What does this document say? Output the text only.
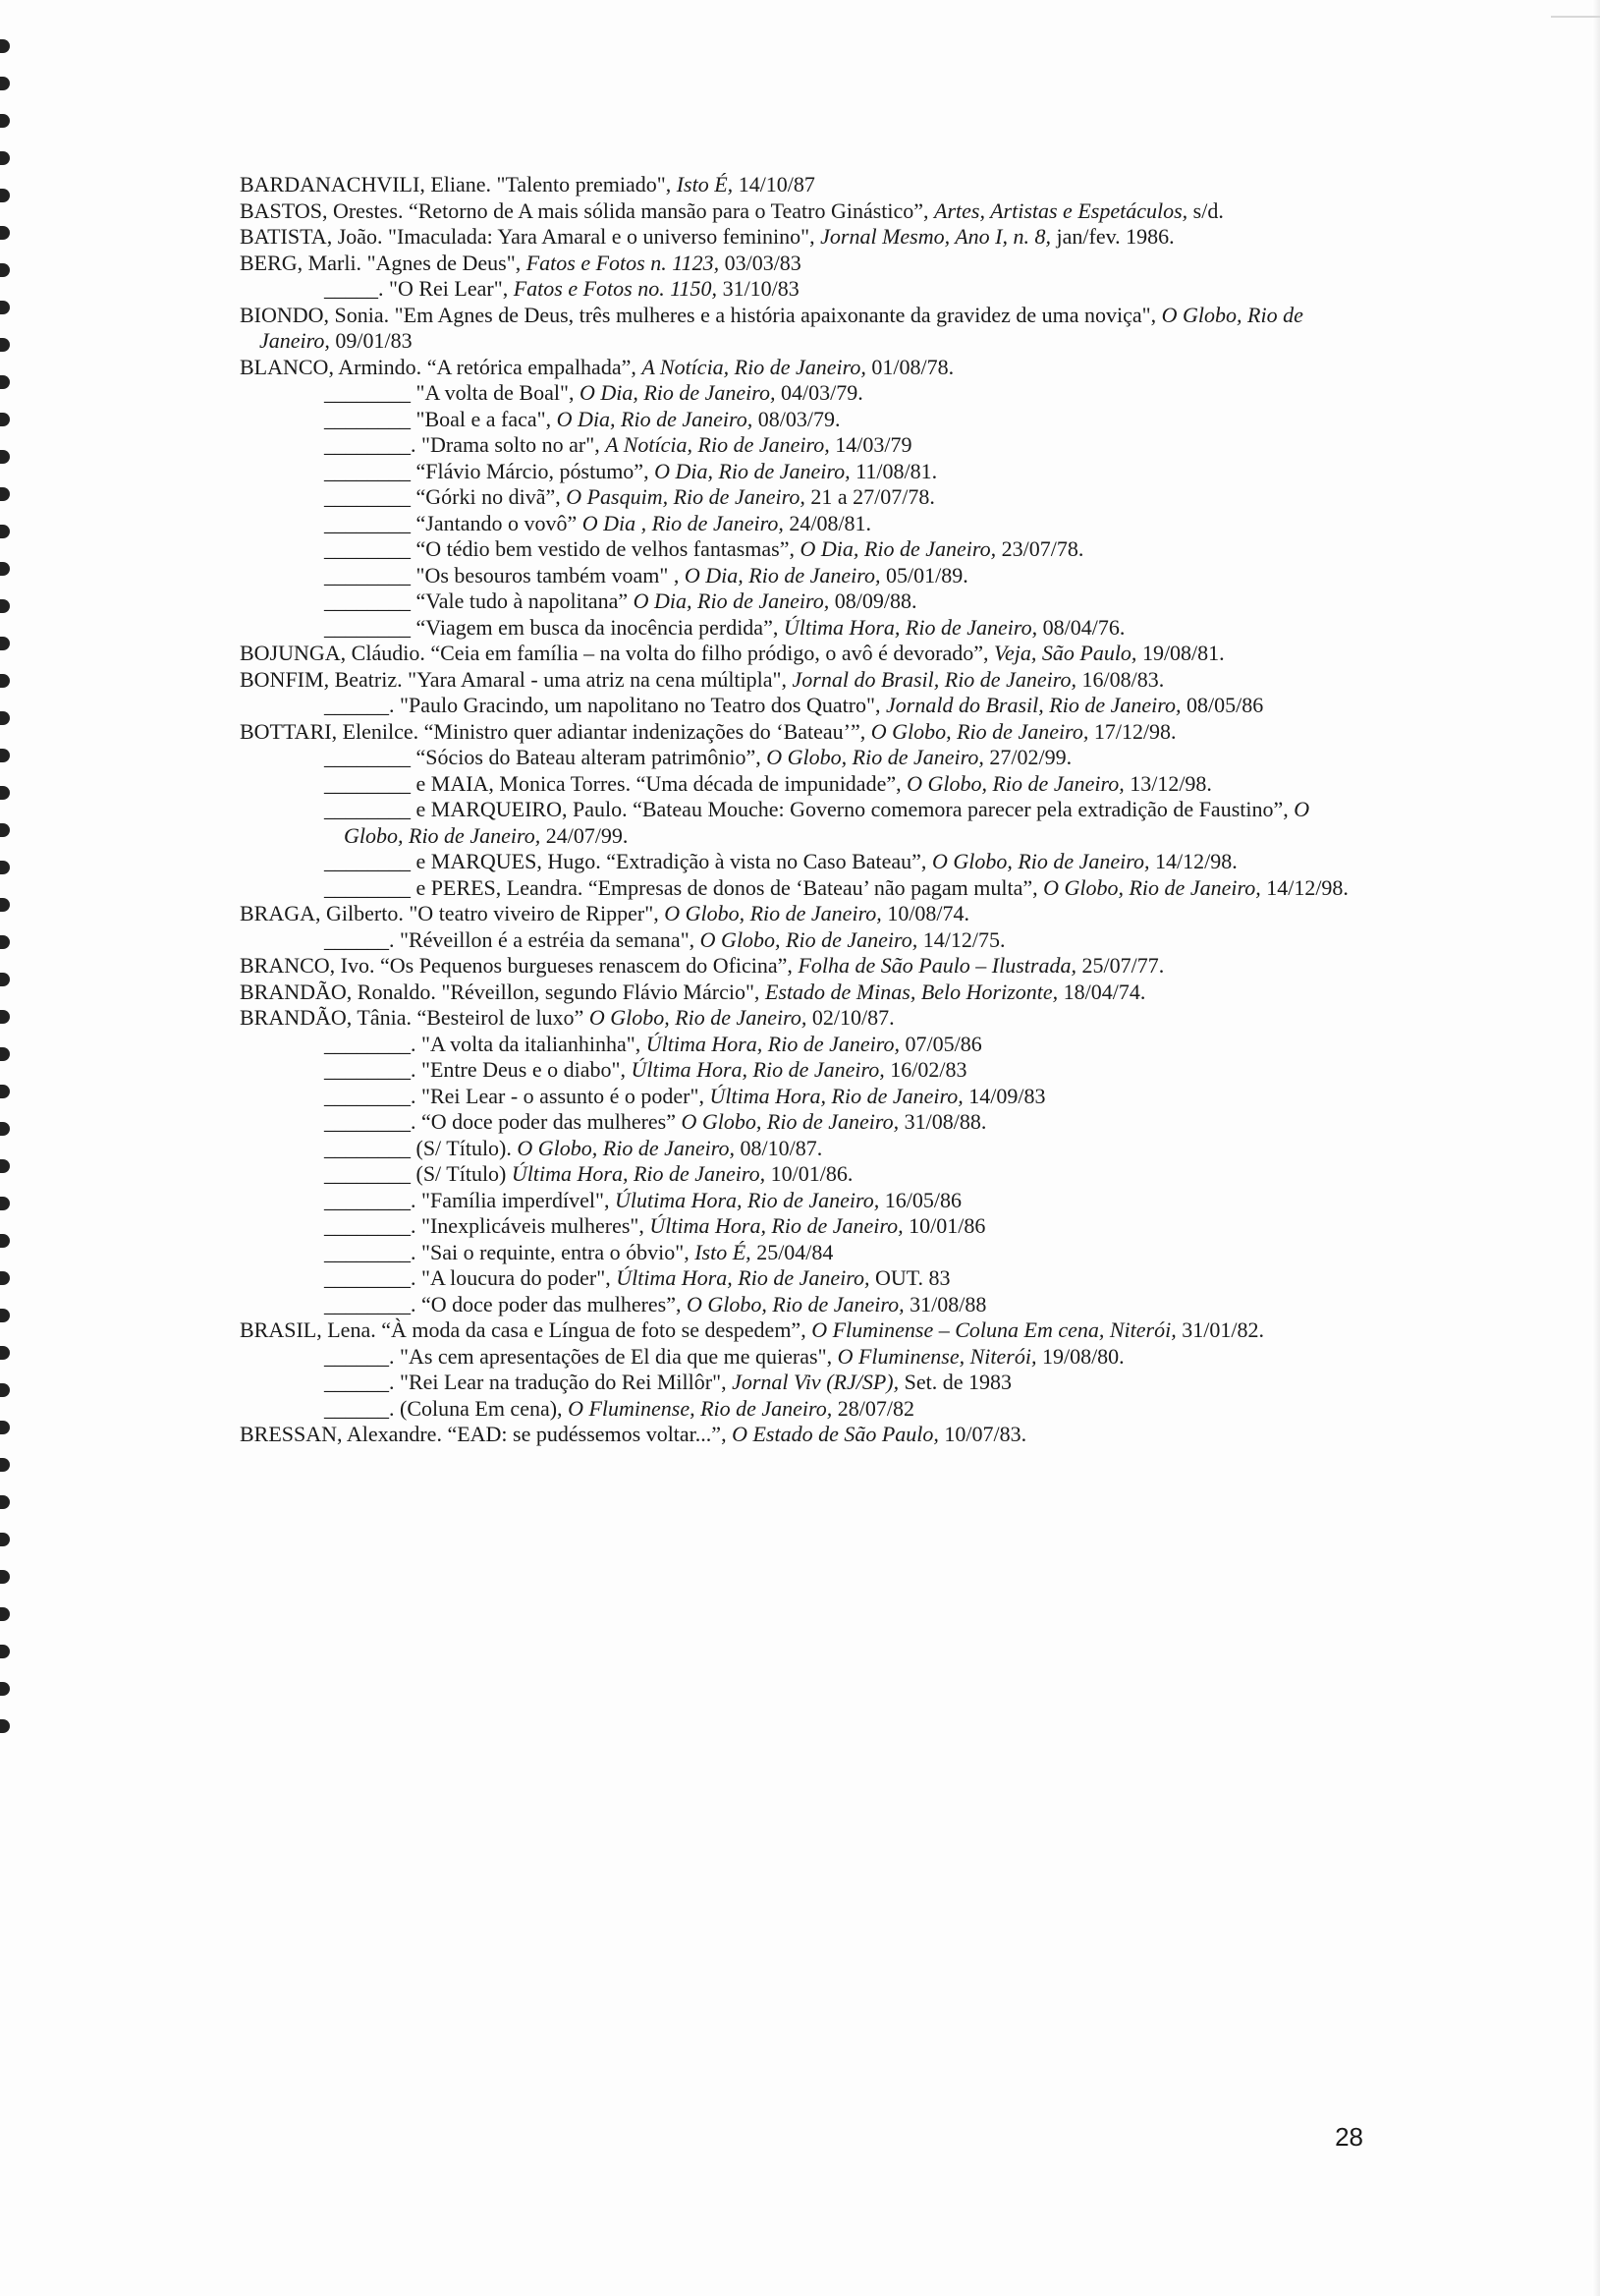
BARDANACHVILI, Eliane. "Talento premiado", Isto É, 14/10/87

BASTOS, Orestes. “Retorno de A mais sólida mansão para o Teatro Ginástico”, Artes, Artistas e Espetáculos, s/d.

BATISTA, João. "Imaculada: Yara Amaral e o universo feminino", Jornal Mesmo, Ano I, n. 8, jan/fev. 1986.

BERG, Marli. "Agnes de Deus", Fatos e Fotos n. 1123, 03/03/83

_____. "O Rei Lear", Fatos e Fotos no. 1150, 31/10/83

BIONDO, Sonia. "Em Agnes de Deus, três mulheres e a história apaixonante da gravidez de uma noviça", O Globo, Rio de Janeiro, 09/01/83

BLANCO, Armindo. “A retórica empalhada”, A Notícia, Rio de Janeiro, 01/08/78.

________ "A volta de Boal", O Dia, Rio de Janeiro, 04/03/79.

________ "Boal e a faca", O Dia, Rio de Janeiro, 08/03/79.

________. "Drama solto no ar", A Notícia, Rio de Janeiro, 14/03/79

________ “Flávio Márcio, póstumo”, O Dia, Rio de Janeiro, 11/08/81.

________ “Górki no divã”, O Pasquim, Rio de Janeiro, 21 a 27/07/78.

________ “Jantando o vovô” O Dia , Rio de Janeiro, 24/08/81.

________ “O tédio bem vestido de velhos fantasmas”, O Dia, Rio de Janeiro, 23/07/78.

________ "Os besouros também voam" , O Dia, Rio de Janeiro, 05/01/89.

________ “Vale tudo à napolitana” O Dia, Rio de Janeiro, 08/09/88.

________ “Viagem em busca da inocência perdida”, Última Hora, Rio de Janeiro, 08/04/76.

BOJUNGA, Cláudio. “Ceia em família – na volta do filho pródigo, o avô é devorado”, Veja, São Paulo, 19/08/81.

BONFIM, Beatriz. "Yara Amaral - uma atriz na cena múltipla", Jornal do Brasil, Rio de Janeiro, 16/08/83.

______. "Paulo Gracindo, um napolitano no Teatro dos Quatro", Jornald do Brasil, Rio de Janeiro, 08/05/86

BOTTARI, Elenilce. “Ministro quer adiantar indenizações do ‘Bateau’”, O Globo, Rio de Janeiro, 17/12/98.

________ “Sócios do Bateau alteram patrimônio”, O Globo, Rio de Janeiro, 27/02/99.

________ e MAIA, Monica Torres. “Uma década de impunidade”, O Globo, Rio de Janeiro, 13/12/98.

________ e MARQUEIRO, Paulo. “Bateau Mouche: Governo comemora parecer pela extradição de Faustino”, O Globo, Rio de Janeiro, 24/07/99.

________ e MARQUES, Hugo. “Extradição à vista no Caso Bateau”, O Globo, Rio de Janeiro, 14/12/98.

________ e PERES, Leandra. “Empresas de donos de ‘Bateau’ não pagam multa”, O Globo, Rio de Janeiro, 14/12/98.

BRAGA, Gilberto. "O teatro viveiro de Ripper", O Globo, Rio de Janeiro, 10/08/74.

______. "Réveillon é a estréia da semana", O Globo, Rio de Janeiro, 14/12/75.

BRANCO, Ivo. “Os Pequenos burgueses renascem do Oficina”, Folha de São Paulo – Ilustrada, 25/07/77.

BRANDÃO, Ronaldo. "Réveillon, segundo Flávio Márcio", Estado de Minas, Belo Horizonte, 18/04/74.

BRANDÃO, Tânia. “Besteirol de luxo” O Globo, Rio de Janeiro, 02/10/87.

________. "A volta da italianhinha", Última Hora, Rio de Janeiro, 07/05/86

________. "Entre Deus e o diabo", Última Hora, Rio de Janeiro, 16/02/83

________. "Rei Lear - o assunto é o poder", Última Hora, Rio de Janeiro, 14/09/83

________. “O doce poder das mulheres” O Globo, Rio de Janeiro, 31/08/88.

________ (S/ Título). O Globo, Rio de Janeiro, 08/10/87.

________ (S/ Título) Última Hora, Rio de Janeiro, 10/01/86.

________. "Família imperdível", Úlutima Hora, Rio de Janeiro, 16/05/86

________. "Inexplicáveis mulheres", Última Hora, Rio de Janeiro, 10/01/86

________. "Sai o requinte, entra o óbvio", Isto É, 25/04/84

________. "A loucura do poder", Última Hora, Rio de Janeiro, OUT. 83

________. “O doce poder das mulheres”, O Globo, Rio de Janeiro, 31/08/88

BRASIL, Lena. “À moda da casa e Língua de foto se despedem”, O Fluminense – Coluna Em cena, Niterói, 31/01/82.

______. "As cem apresentações de El dia que me quieras", O Fluminense, Niterói, 19/08/80.

______. "Rei Lear na tradução do Rei Millôr", Jornal Viv (RJ/SP), Set. de 1983

______. (Coluna Em cena), O Fluminense, Rio de Janeiro, 28/07/82

BRESSAN, Alexandre. “EAD: se pudéssemos voltar...”, O Estado de São Paulo, 10/07/83.

28
